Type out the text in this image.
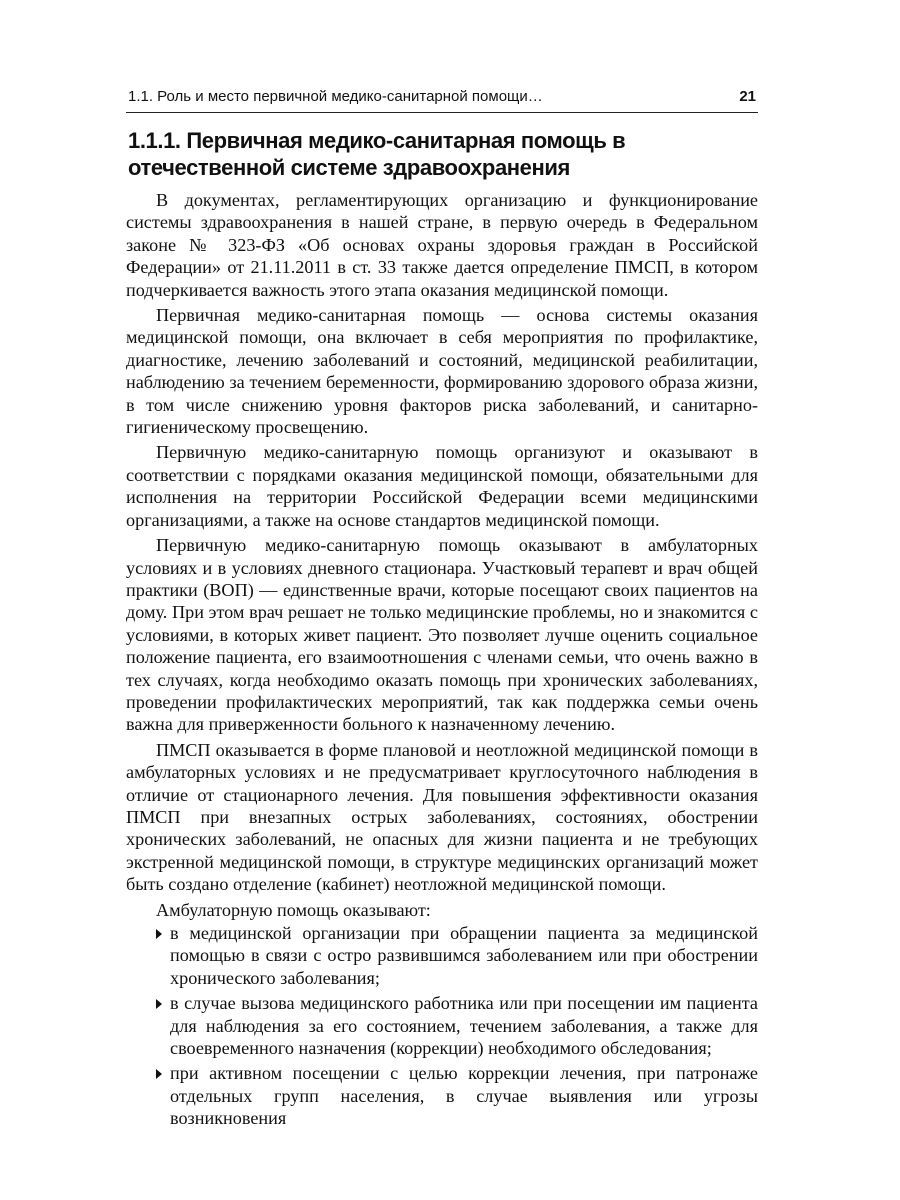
1.1. Роль и место первичной медико-санитарной помощи…	21
1.1.1. Первичная медико-санитарная помощь в отечественной системе здравоохранения

В документах, регламентирующих организацию и функционирование системы здравоохранения в нашей стране, в первую очередь в Федеральном законе № 323-ФЗ «Об основах охраны здоровья граждан в Российской Федерации» от 21.11.2011 в ст. 33 также дается определение ПМСП, в котором подчеркивается важность этого этапа оказания медицинской помощи.

Первичная медико-санитарная помощь — основа системы оказания медицинской помощи, она включает в себя мероприятия по профилактике, диагностике, лечению заболеваний и состояний, медицинской реабилитации, наблюдению за течением беременности, формированию здорового образа жизни, в том числе снижению уровня факторов риска заболеваний, и санитарно-гигиеническому просвещению.

Первичную медико-санитарную помощь организуют и оказывают в соответствии с порядками оказания медицинской помощи, обязательными для исполнения на территории Российской Федерации всеми медицинскими организациями, а также на основе стандартов медицинской помощи.

Первичную медико-санитарную помощь оказывают в амбулаторных условиях и в условиях дневного стационара. Участковый терапевт и врач общей практики (ВОП) — единственные врачи, которые посещают своих пациентов на дому. При этом врач решает не только медицинские проблемы, но и знакомится с условиями, в которых живет пациент. Это позволяет лучше оценить социальное положение пациента, его взаимоотношения с членами семьи, что очень важно в тех случаях, когда необходимо оказать помощь при хронических заболеваниях, проведении профилактических мероприятий, так как поддержка семьи очень важна для приверженности больного к назначенному лечению.

ПМСП оказывается в форме плановой и неотложной медицинской помощи в амбулаторных условиях и не предусматривает круглосуточного наблюдения в отличие от стационарного лечения. Для повышения эффективности оказания ПМСП при внезапных острых заболеваниях, состояниях, обострении хронических заболеваний, не опасных для жизни пациента и не требующих экстренной медицинской помощи, в структуре медицинских организаций может быть создано отделение (кабинет) неотложной медицинской помощи.

Амбулаторную помощь оказывают:

в медицинской организации при обращении пациента за медицинской помощью в связи с остро развившимся заболеванием или при обострении хронического заболевания;
в случае вызова медицинского работника или при посещении им пациента для наблюдения за его состоянием, течением заболевания, а также для своевременного назначения (коррекции) необходимого обследования;
при активном посещении с целью коррекции лечения, при патронаже отдельных групп населения, в случае выявления или угрозы возникновения
